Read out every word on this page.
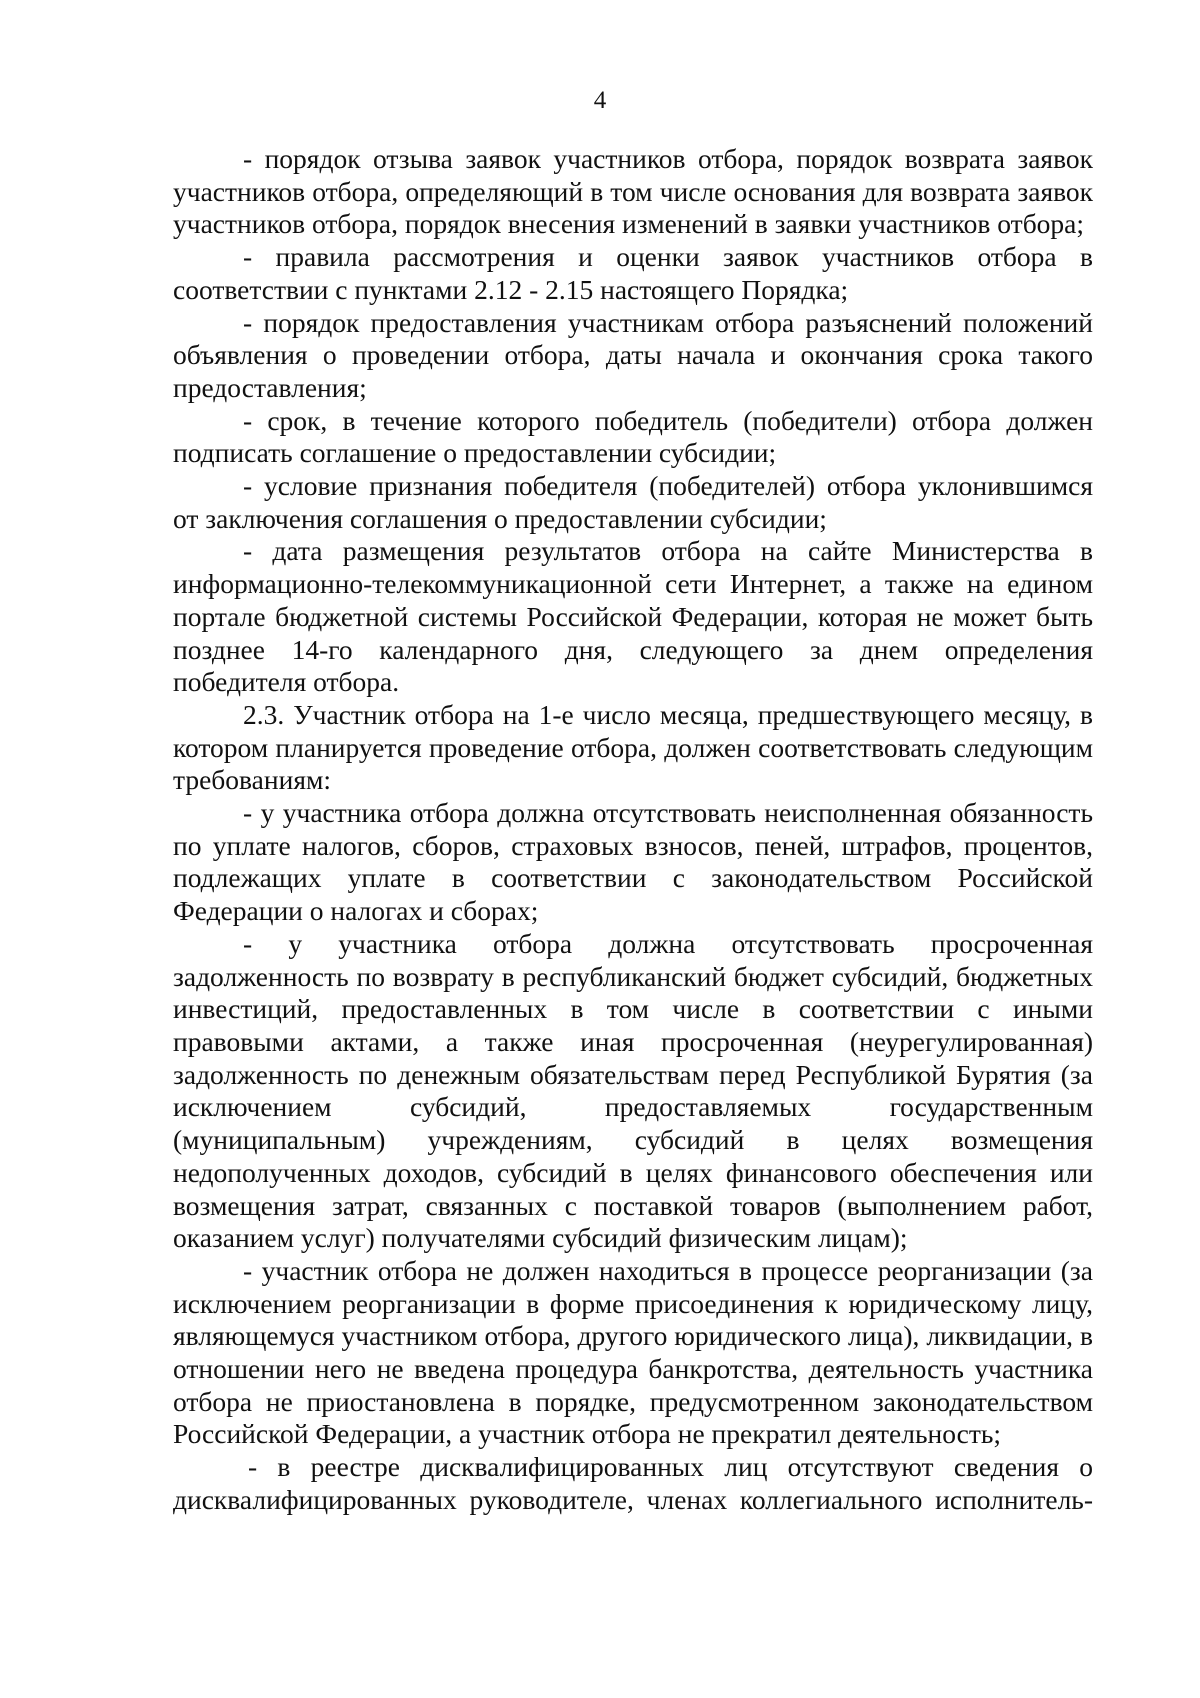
4

- порядок отзыва заявок участников отбора, порядок возврата заявок участников отбора, определяющий в том числе основания для возврата заявок участников отбора, порядок внесения изменений в заявки участников отбора;

- правила рассмотрения и оценки заявок участников отбора в соответствии с пунктами 2.12 - 2.15 настоящего Порядка;

- порядок предоставления участникам отбора разъяснений положений объявления о проведении отбора, даты начала и окончания срока такого предоставления;

- срок, в течение которого победитель (победители) отбора должен подписать соглашение о предоставлении субсидии;

- условие признания победителя (победителей) отбора уклонившимся от заключения соглашения о предоставлении субсидии;

- дата размещения результатов отбора на сайте Министерства в информационно-телекоммуникационной сети Интернет, а также на едином портале бюджетной системы Российской Федерации, которая не может быть позднее 14-го календарного дня, следующего за днем определения победителя отбора.

2.3. Участник отбора на 1-е число месяца, предшествующего месяцу, в котором планируется проведение отбора, должен соответствовать следующим требованиям:

- у участника отбора должна отсутствовать неисполненная обязанность по уплате налогов, сборов, страховых взносов, пеней, штрафов, процентов, подлежащих уплате в соответствии с законодательством Российской Федерации о налогах и сборах;

- у участника отбора должна отсутствовать просроченная задолженность по возврату в республиканский бюджет субсидий, бюджетных инвестиций, предоставленных в том числе в соответствии с иными правовыми актами, а также иная просроченная (неурегулированная) задолженность по денежным обязательствам перед Республикой Бурятия (за исключением субсидий, предоставляемых государственным (муниципальным) учреждениям, субсидий в целях возмещения недополученных доходов, субсидий в целях финансового обеспечения или возмещения затрат, связанных с поставкой товаров (выполнением работ, оказанием услуг) получателями субсидий физическим лицам);

- участник отбора не должен находиться в процессе реорганизации (за исключением реорганизации в форме присоединения к юридическому лицу, являющемуся участником отбора, другого юридического лица), ликвидации, в отношении него не введена процедура банкротства, деятельность участника отбора не приостановлена в порядке, предусмотренном законодательством Российской Федерации, а участник отбора не прекратил деятельность;

- в реестре дисквалифицированных лиц отсутствуют сведения о дисквалифицированных руководителе, членах коллегиального исполнитель-
